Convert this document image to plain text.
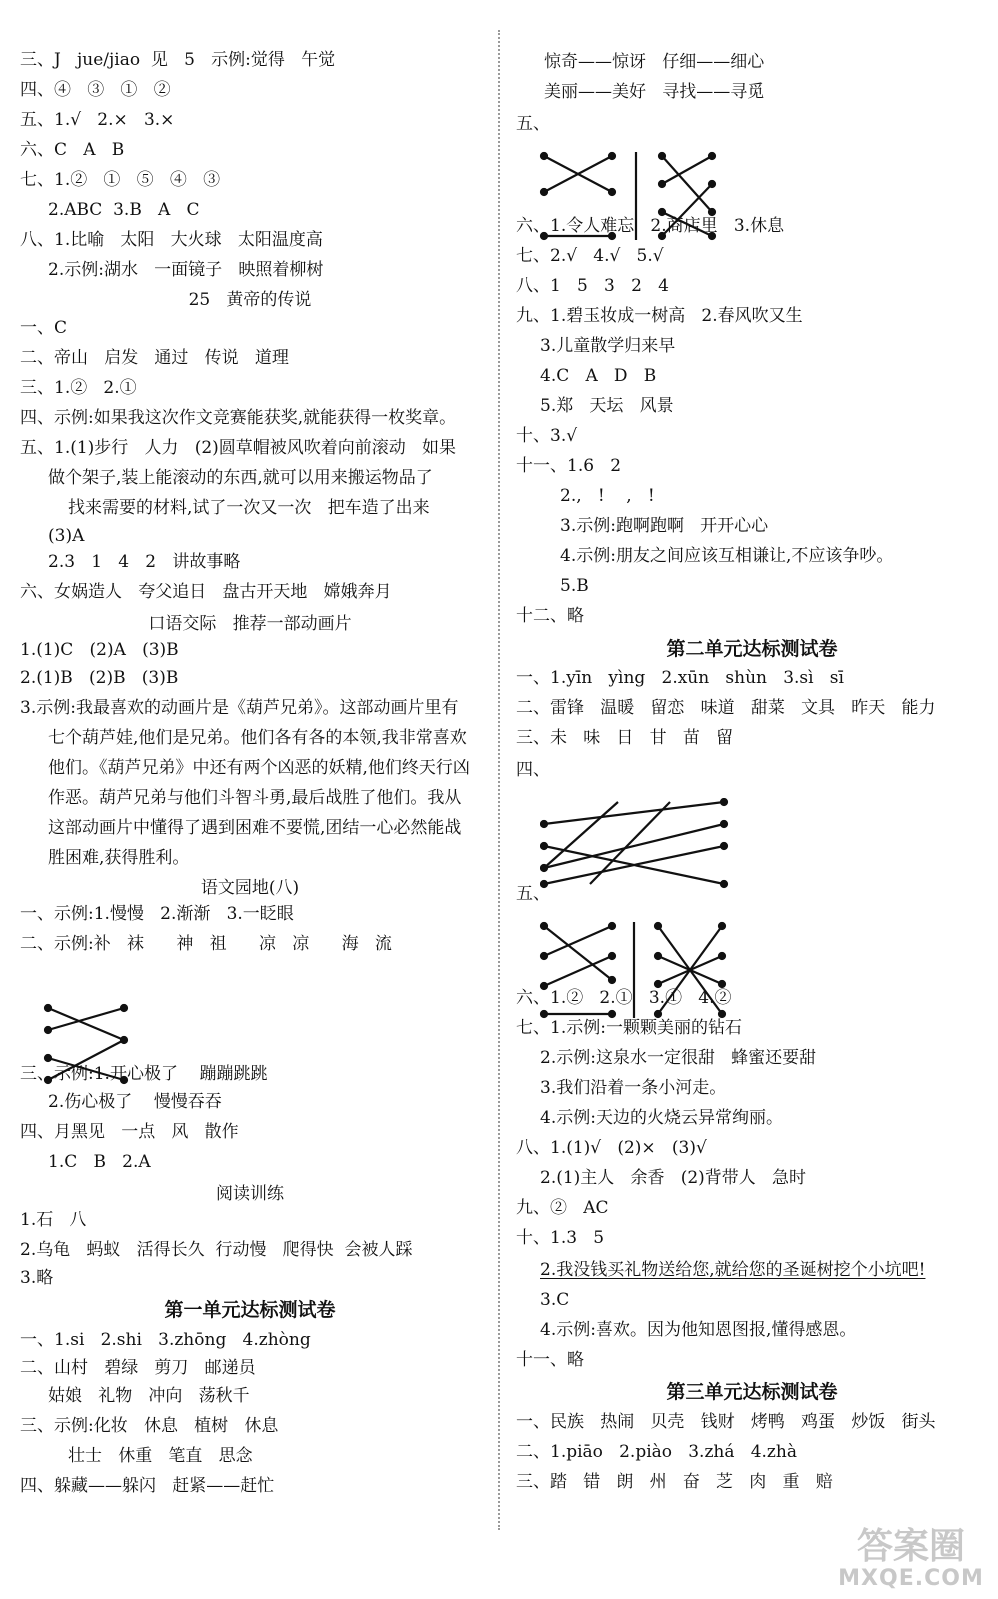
三、J   jue/jiao  见   5   示例:觉得   午觉
四、④   ③   ①   ②
五、1.√   2.×   3.×
六、C   A   B
七、1.②   ①   ⑤   ④   ③
2.ABC  3.B   A   C
八、1.比喻   太阳   大火球   太阳温度高
2.示例:湖水   一面镜子   映照着柳树
25   黄帝的传说
一、C
二、帝山   启发   通过   传说   道理
三、1.②   2.①
四、示例:如果我这次作文竞赛能获奖,就能获得一枚奖章。
五、1.(1)步行   人力   (2)圆草帽被风吹着向前滚动   如果
做个架子,装上能滚动的东西,就可以用来搬运物品了
找来需要的材料,试了一次又一次   把车造了出来
(3)A
2.3   1   4   2   讲故事略
六、女娲造人   夸父追日   盘古开天地   嫦娥奔月
口语交际   推荐一部动画片
1.(1)C   (2)A   (3)B
2.(1)B   (2)B   (3)B
3.示例:我最喜欢的动画片是《葫芦兄弟》。这部动画片里有
七个葫芦娃,他们是兄弟。他们各有各的本领,我非常喜欢
他们。《葫芦兄弟》中还有两个凶恶的妖精,他们终天行凶
作恶。葫芦兄弟与他们斗智斗勇,最后战胜了他们。我从
这部动画片中懂得了遇到困难不要慌,团结一心必然能战
胜困难,获得胜利。
语文园地(八)
一、示例:1.慢慢   2.渐渐   3.一眨眼
二、示例:补   袜      神   祖      凉   凉      海   流

三、示例:1.开心极了    蹦蹦跳跳
2.伤心极了    慢慢吞吞
四、月黑见   一点   风   散作
1.C   B   2.A
阅读训练
1.石   八
2.乌龟   蚂蚁   活得长久  行动慢   爬得快  会被人踩
3.略
第一单元达标测试卷
一、1.si   2.shi   3.zhōng   4.zhòng
二、山村   碧绿   剪刀   邮递员
姑娘   礼物   冲向   荡秋千
三、示例:化妆   休息   植树   休息
壮士   休重   笔直   思念
四、躲藏——躲闪   赶紧——赶忙
惊奇——惊讶   仔细——细心
美丽——美好   寻找——寻觅
五、

六、1.令人难忘   2.商店里   3.休息
七、2.√   4.√   5.√
八、1   5   3   2   4
九、1.碧玉妆成一树高   2.春风吹又生
3.儿童散学归来早
4.C   A   D   B
5.郑   天坛   风景
十、3.√
十一、1.6   2
2.,   !    ,   !
3.示例:跑啊跑啊   开开心心
4.示例:朋友之间应该互相谦让,不应该争吵。
5.B
十二、略
第二单元达标测试卷
一、1.yīn   yìng   2.xūn   shùn   3.sì   sī
二、雷锋   温暖   留恋   味道   甜菜   文具   昨天   能力
三、未   味   日   甘   苗   留
四、

五、

六、1.②   2.①   3.①   4.②
七、1.示例:一颗颗美丽的钻石
2.示例:这泉水一定很甜   蜂蜜还要甜
3.我们沿着一条小河走。
4.示例:天边的火烧云异常绚丽。
八、1.(1)√   (2)×   (3)√
2.(1)主人   余香   (2)背带人   急时
九、②   AC
十、1.3   5
2.我没钱买礼物送给您,就给您的圣诞树挖个小坑吧!
3.C
4.示例:喜欢。因为他知恩图报,懂得感恩。
十一、略
第三单元达标测试卷
一、民族   热闹   贝壳   钱财   烤鸭   鸡蛋   炒饭   街头
二、1.piāo   2.piào   3.zhá   4.zhà
三、踏   错   朗   州   奋   芝   肉   重   赔
答案圈
MXQE.COM
